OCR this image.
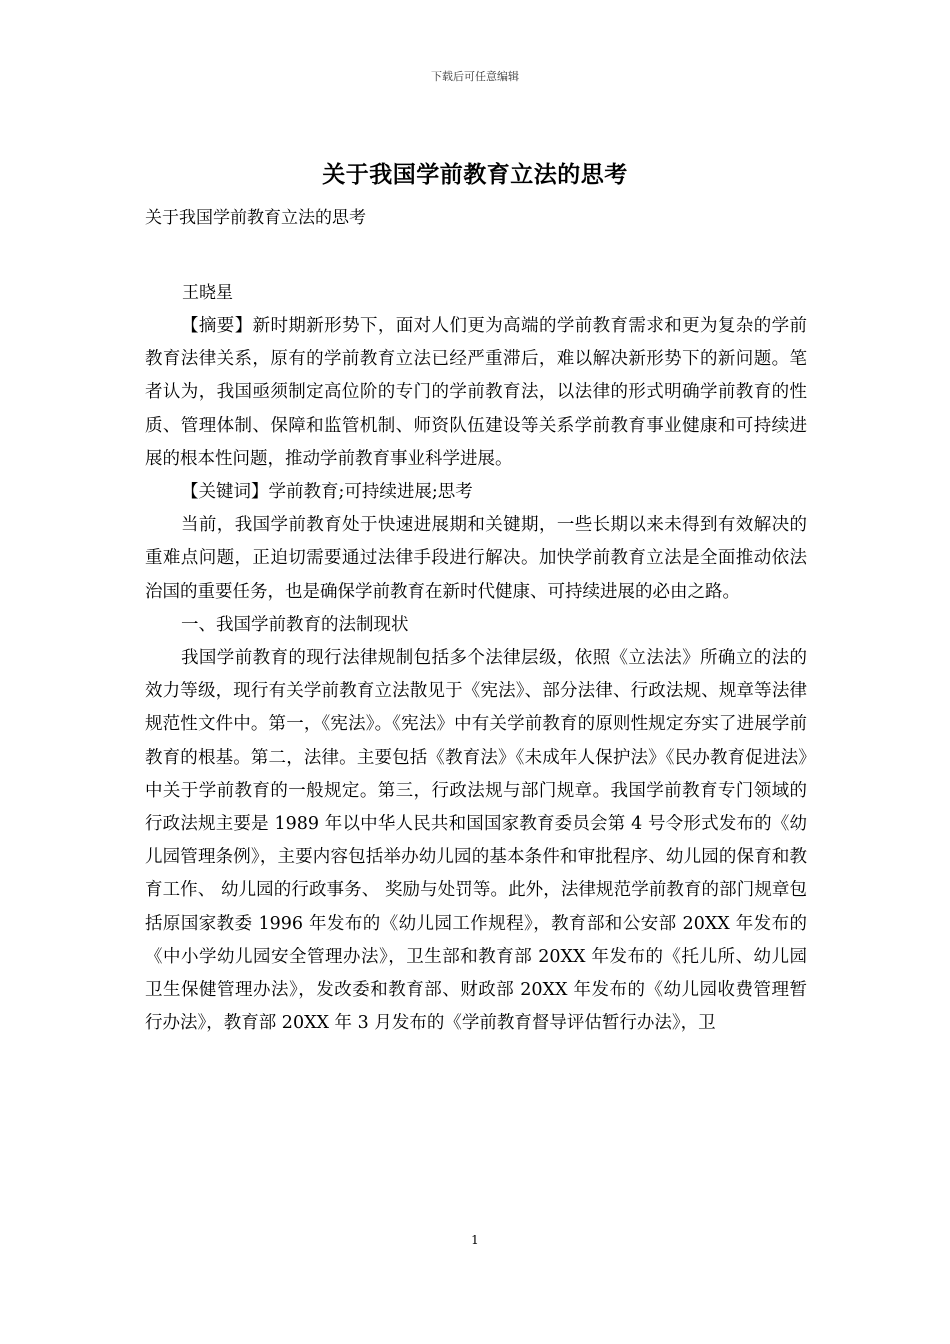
下载后可任意编辑
关于我国学前教育立法的思考
关于我国学前教育立法的思考
王晓星

【摘要】新时期新形势下，面对人们更为高端的学前教育需求和更为复杂的学前教育法律关系，原有的学前教育立法已经严重滞后，难以解决新形势下的新问题。笔者认为，我国亟须制定高位阶的专门的学前教育法，以法律的形式明确学前教育的性质、管理体制、保障和监管机制、师资队伍建设等关系学前教育事业健康和可持续进展的根本性问题，推动学前教育事业科学进展。

【关键词】学前教育;可持续进展;思考

当前，我国学前教育处于快速进展期和关键期，一些长期以来未得到有效解决的重难点问题，正迫切需要通过法律手段进行解决。加快学前教育立法是全面推动依法治国的重要任务，也是确保学前教育在新时代健康、可持续进展的必由之路。

一、我国学前教育的法制现状

我国学前教育的现行法律规制包括多个法律层级，依照《立法法》所确立的法的效力等级，现行有关学前教育立法散见于《宪法》、部分法律、行政法规、规章等法律规范性文件中。第一，《宪法》。《宪法》中有关学前教育的原则性规定夯实了进展学前教育的根基。第二，法律。主要包括《教育法》《未成年人保护法》《民办教育促进法》中关于学前教育的一般规定。第三，行政法规与部门规章。我国学前教育专门领域的行政法规主要是 1989 年以中华人民共和国国家教育委员会第 4 号令形式发布的《幼儿园管理条例》，主要内容包括举办幼儿园的基本条件和审批程序、幼儿园的保育和教育工作、 幼儿园的行政事务、 奖励与处罚等。此外，法律规范学前教育的部门规章包括原国家教委 1996 年发布的《幼儿园工作规程》，教育部和公安部 20XX 年发布的《中小学幼儿园安全管理办法》，卫生部和教育部 20XX 年发布的《托儿所、幼儿园卫生保健管理办法》，发改委和教育部、财政部 20XX 年发布的《幼儿园收费管理暂行办法》，教育部 20XX 年 3 月发布的《学前教育督导评估暂行办法》，卫

1
